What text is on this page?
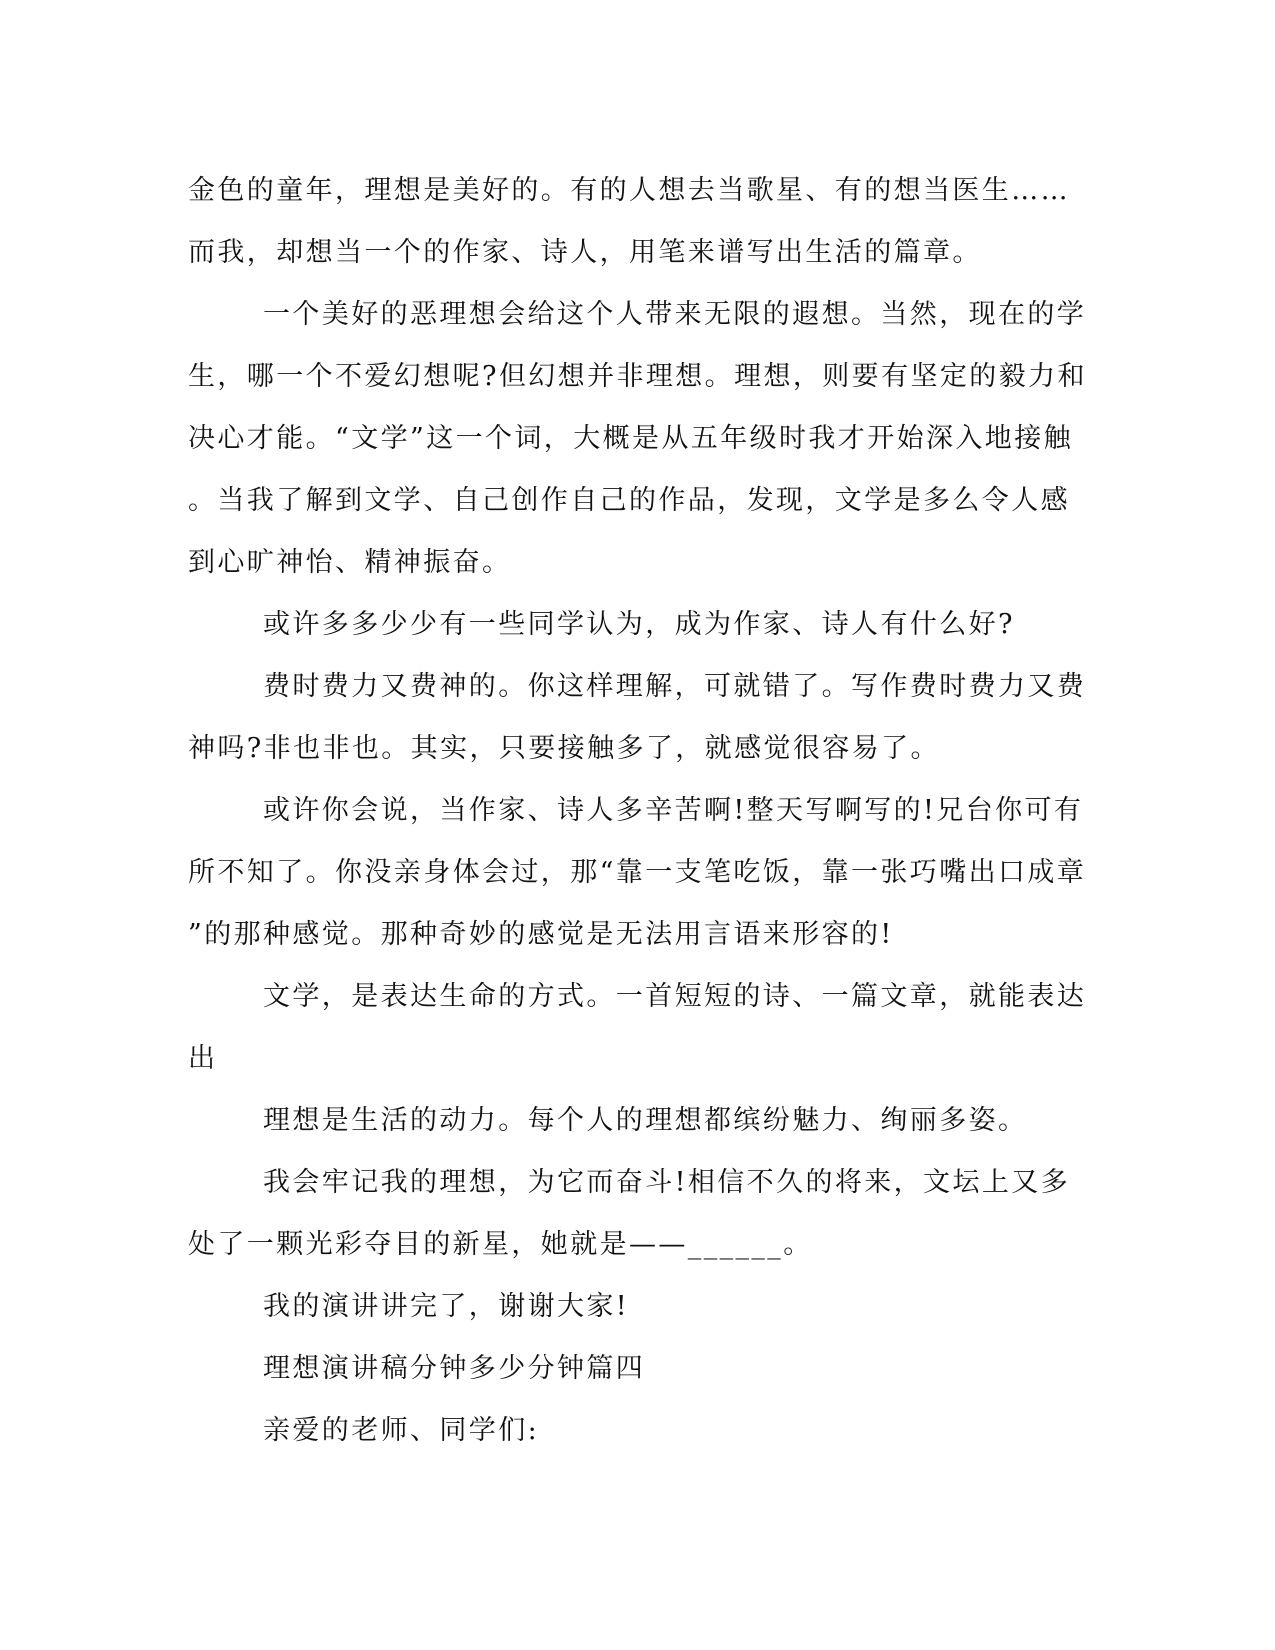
金色的童年，理想是美好的。有的人想去当歌星、有的想当医生……
而我，却想当一个的作家、诗人，用笔来谱写出生活的篇章。
一个美好的恶理想会给这个人带来无限的遐想。当然，现在的学
生，哪一个不爱幻想呢?但幻想并非理想。理想，则要有坚定的毅力和
决心才能。“文学”这一个词，大概是从五年级时我才开始深入地接触
。当我了解到文学、自己创作自己的作品，发现，文学是多么令人感
到心旷神怡、精神振奋。
或许多多少少有一些同学认为，成为作家、诗人有什么好?
费时费力又费神的。你这样理解，可就错了。写作费时费力又费
神吗?非也非也。其实，只要接触多了，就感觉很容易了。
或许你会说，当作家、诗人多辛苦啊!整天写啊写的!兄台你可有
所不知了。你没亲身体会过，那“靠一支笔吃饭，靠一张巧嘴出口成章
”的那种感觉。那种奇妙的感觉是无法用言语来形容的!
文学，是表达生命的方式。一首短短的诗、一篇文章，就能表达
出
理想是生活的动力。每个人的理想都缤纷魅力、绚丽多姿。
我会牢记我的理想，为它而奋斗!相信不久的将来，文坛上又多
处了一颗光彩夺目的新星，她就是——______。
我的演讲讲完了，谢谢大家!
理想演讲稿分钟多少分钟篇四
亲爱的老师、同学们:
